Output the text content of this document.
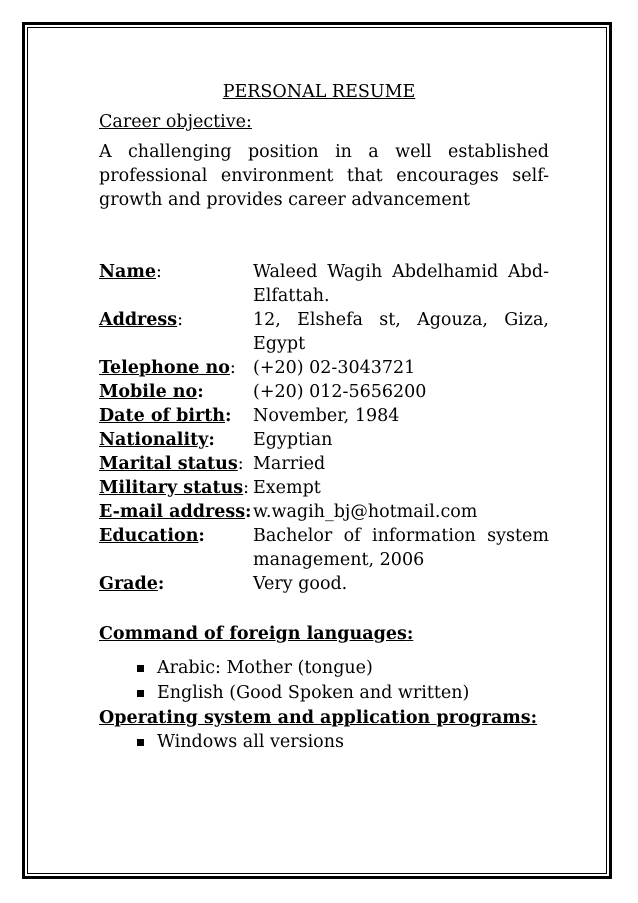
PERSONAL RESUME
Career objective:

A challenging position in a well established professional environment that encourages self-growth and provides career advancement

Name:	Waleed Wagih Abdelhamid Abd-Elfattah.
Address:	12, Elshefa st, Agouza, Giza, Egypt
Telephone no: (+20) 02-3043721
Mobile no:	(+20) 012-5656200
Date of birth:	November, 1984
Nationality:	Egyptian
Marital status: Married
Military status: Exempt
E-mail address: w.wagih_bj@hotmail.com
Education:	Bachelor of information system management, 2006
Grade:	Very good.
Command of foreign languages:
Arabic: Mother (tongue)
English (Good Spoken and written)
Operating system and application programs:
Windows all versions
